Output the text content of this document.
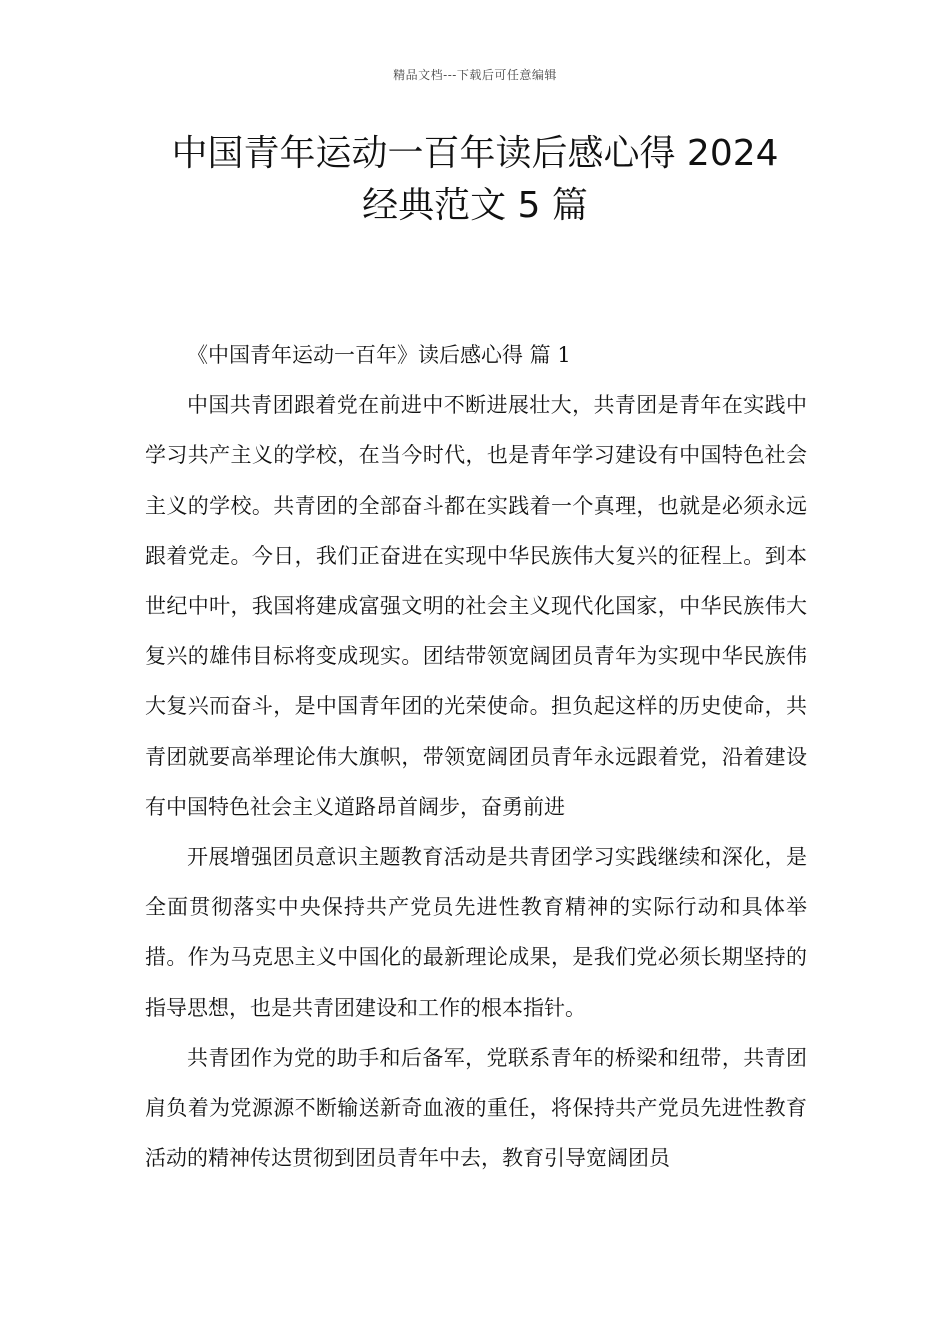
精品文档---下载后可任意编辑
中国青年运动一百年读后感心得 2024
经典范文 5 篇

《中国青年运动一百年》读后感心得 篇 1

中国共青团跟着党在前进中不断进展壮大，共青团是青年在实践中学习共产主义的学校，在当今时代，也是青年学习建设有中国特色社会主义的学校。共青团的全部奋斗都在实践着一个真理，也就是必须永远跟着党走。今日，我们正奋进在实现中华民族伟大复兴的征程上。到本世纪中叶，我国将建成富强文明的社会主义现代化国家，中华民族伟大复兴的雄伟目标将变成现实。团结带领宽阔团员青年为实现中华民族伟大复兴而奋斗，是中国青年团的光荣使命。担负起这样的历史使命，共青团就要高举理论伟大旗帜，带领宽阔团员青年永远跟着党，沿着建设有中国特色社会主义道路昂首阔步，奋勇前进

开展增强团员意识主题教育活动是共青团学习实践继续和深化，是全面贯彻落实中央保持共产党员先进性教育精神的实际行动和具体举措。作为马克思主义中国化的最新理论成果，是我们党必须长期坚持的指导思想，也是共青团建设和工作的根本指针。

共青团作为党的助手和后备军，党联系青年的桥梁和纽带，共青团肩负着为党源源不断输送新奇血液的重任，将保持共产党员先进性教育活动的精神传达贯彻到团员青年中去，教育引导宽阔团员
